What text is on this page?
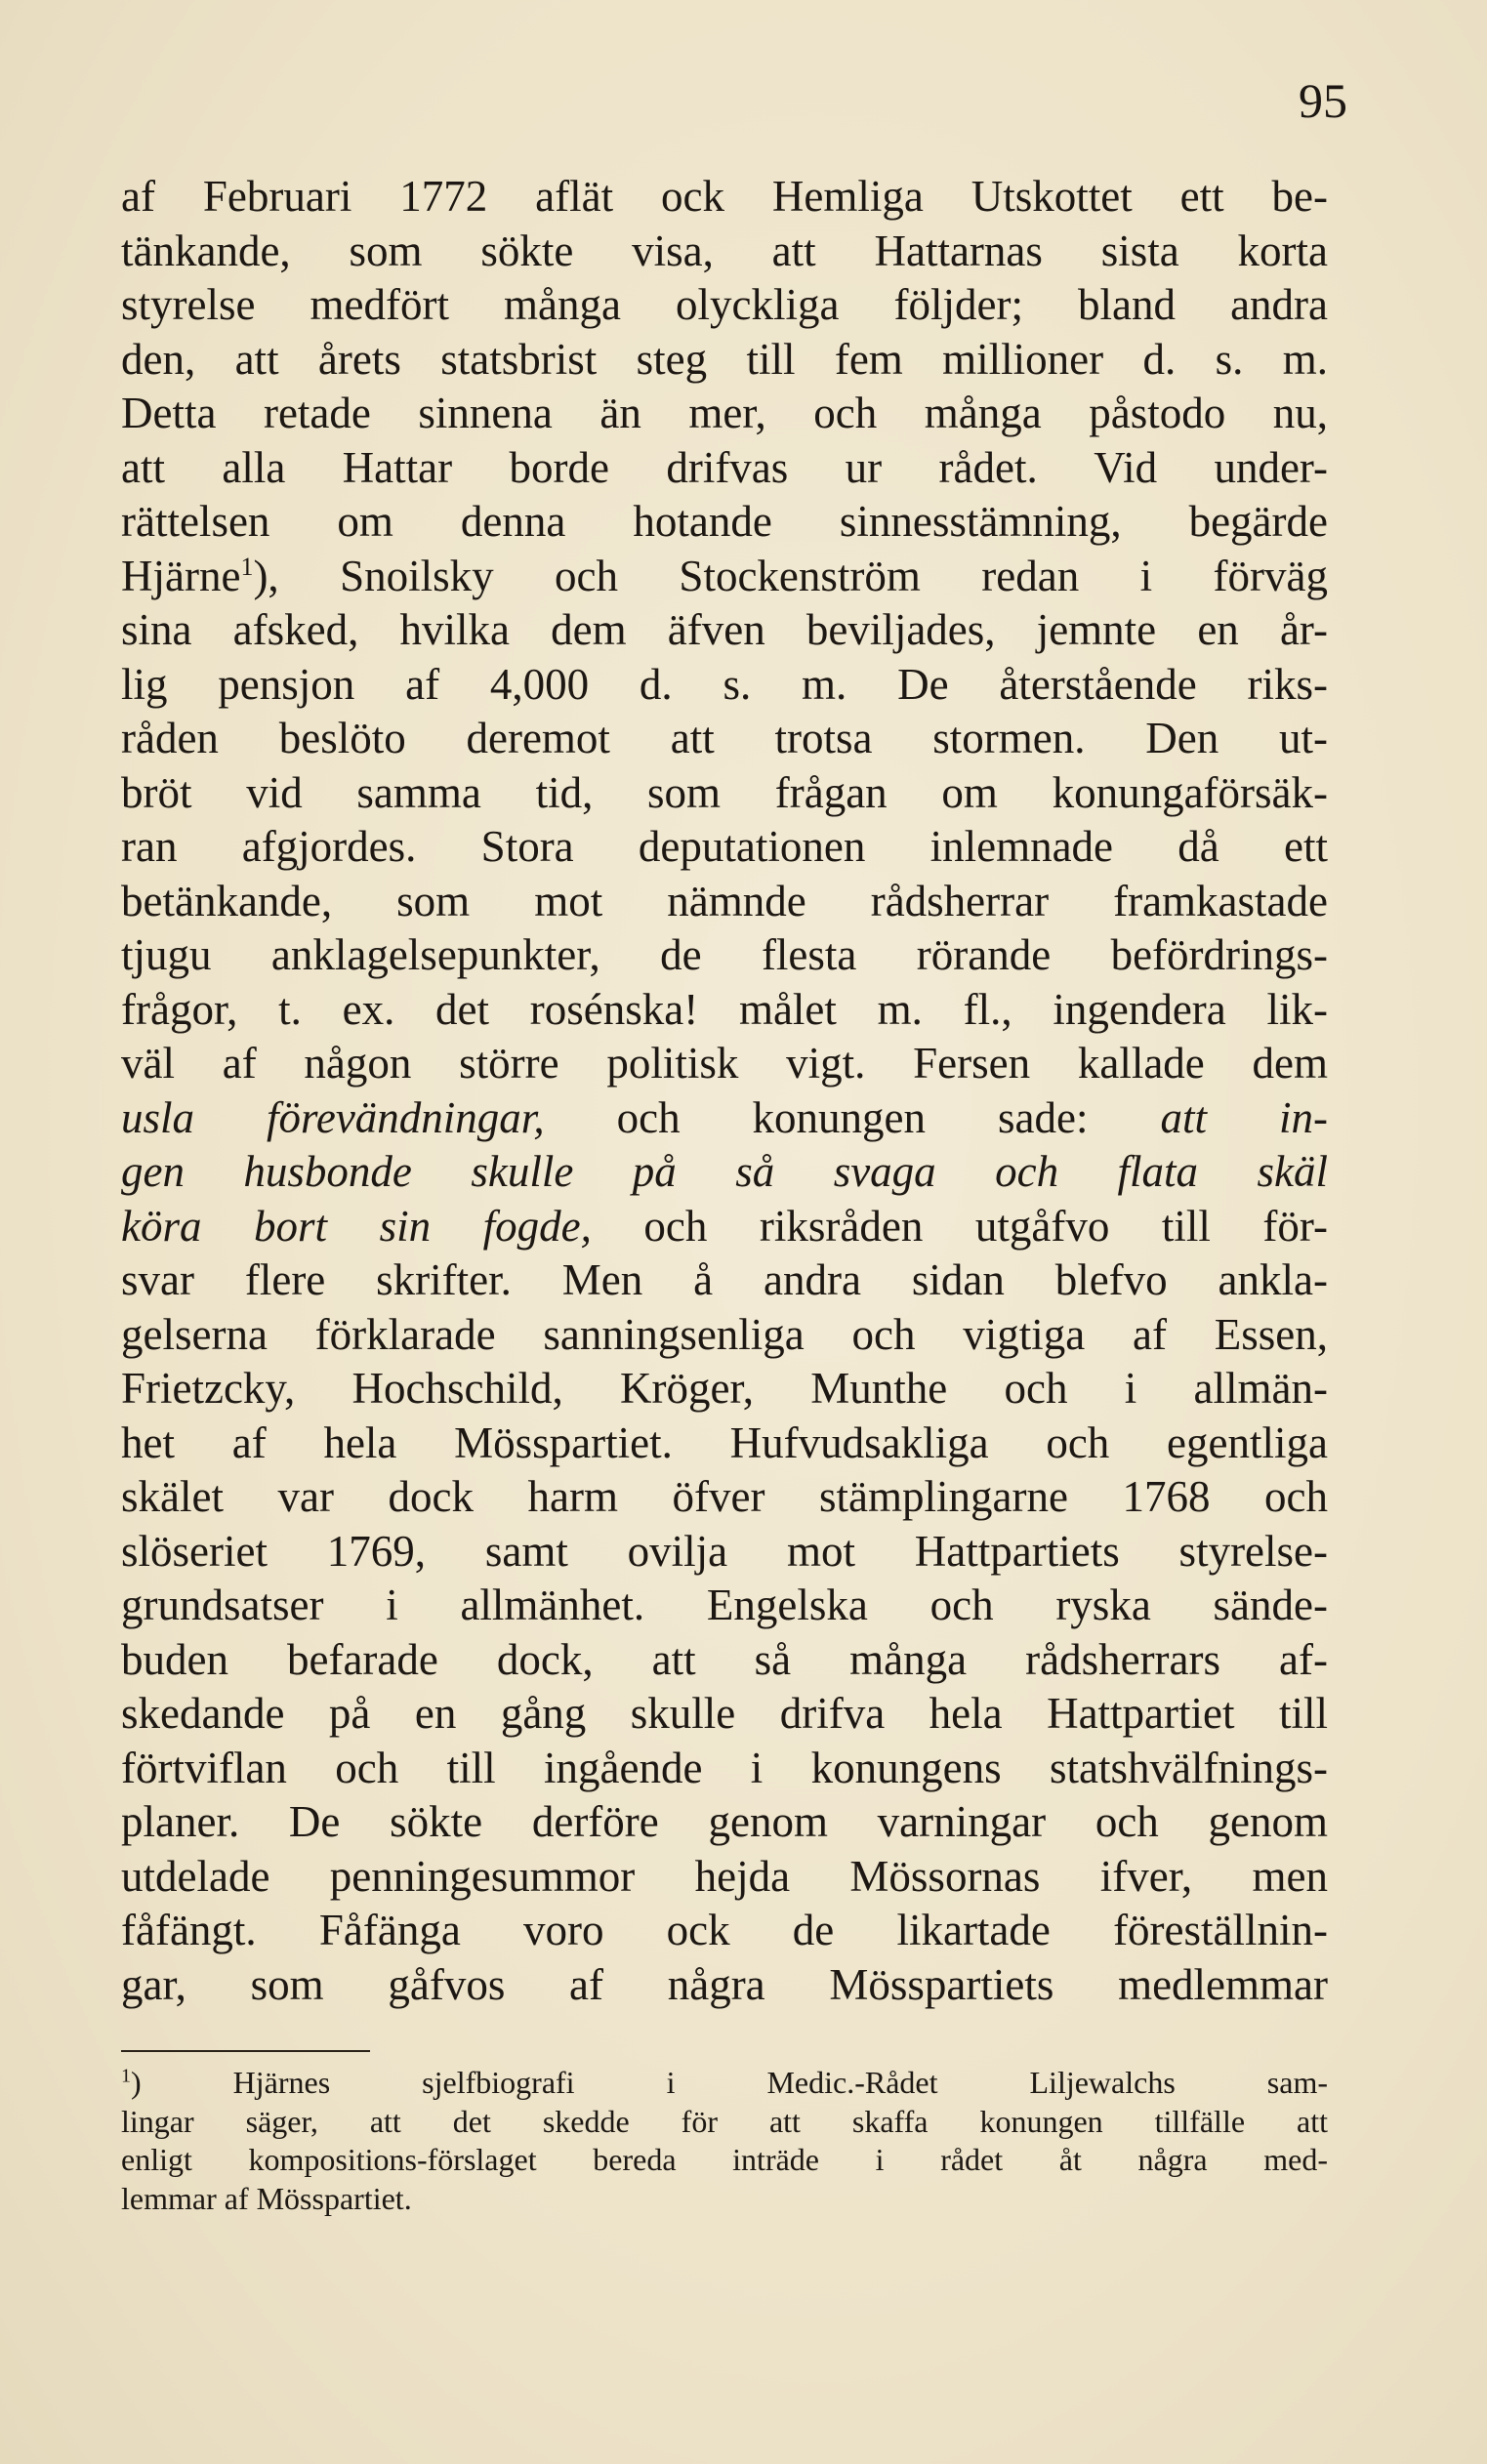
95
af Februari 1772 aflät ock Hemliga Utskottet ett be-
tänkande, som sökte visa, att Hattarnas sista korta
styrelse medfört många olyckliga följder; bland andra
den, att årets statsbrist steg till fem millioner d. s. m.
Detta retade sinnena än mer, och många påstodo nu,
att alla Hattar borde drifvas ur rådet. Vid under-
rättelsen om denna hotande sinnesstämning, begärde
Hjärne$^1$), Snoilsky och Stockenström redan i förväg
sina afsked, hvilka dem äfven beviljades, jemnte en år-
lig pensjon af 4,000 d. s. m. De återstående riks-
råden beslöto deremot att trotsa stormen. Den ut-
bröt vid samma tid, som frågan om konungaförsäk-
ran afgjordes. Stora deputationen inlemnade då ett
betänkande, som mot nämnde rådsherrar framkastade
tjugu anklagelsepunkter, de flesta rörande befördrings-
frågor, t. ex. det rosénska! målet m. fl., ingendera lik-
väl af någon större politisk vigt. Fersen kallade dem
usla förevändningar, och konungen sade: att in-
gen husbonde skulle på så svaga och flata skäl
köra bort sin fogde, och riksråden utgåfvo till för-
svar flere skrifter. Men å andra sidan blefvo ankla-
gelserna förklarade sanningsenliga och vigtiga af Essen,
Frietzcky, Hochschild, Kröger, Munthe och i allmän-
het af hela Mösspartiet. Hufvudsakliga och egentliga
skälet var dock harm öfver stämplingarne 1768 och
slöseriet 1769, samt ovilja mot Hattpartiets styrelse-
grundsatser i allmänhet. Engelska och ryska sände-
buden befarade dock, att så många rådsherrars af-
skedande på en gång skulle drifva hela Hattpartiet till
förtviflan och till ingående i konungens statshvälfnings-
planer. De sökte derföre genom varningar och genom
utdelade penningesummor hejda Mössornas ifver, men
fåfängt. Fåfänga voro ock de likartade föreställnin-
gar, som gåfvos af några Mösspartiets medlemmar
$^1$) Hjärnes sjelfbiografi i Medic.-Rådet Liljewalchs sam-
lingar säger, att det skedde för att skaffa konungen tillfälle att
enligt kompositions-förslaget bereda inträde i rådet åt några med-
lemmar af Mösspartiet.
